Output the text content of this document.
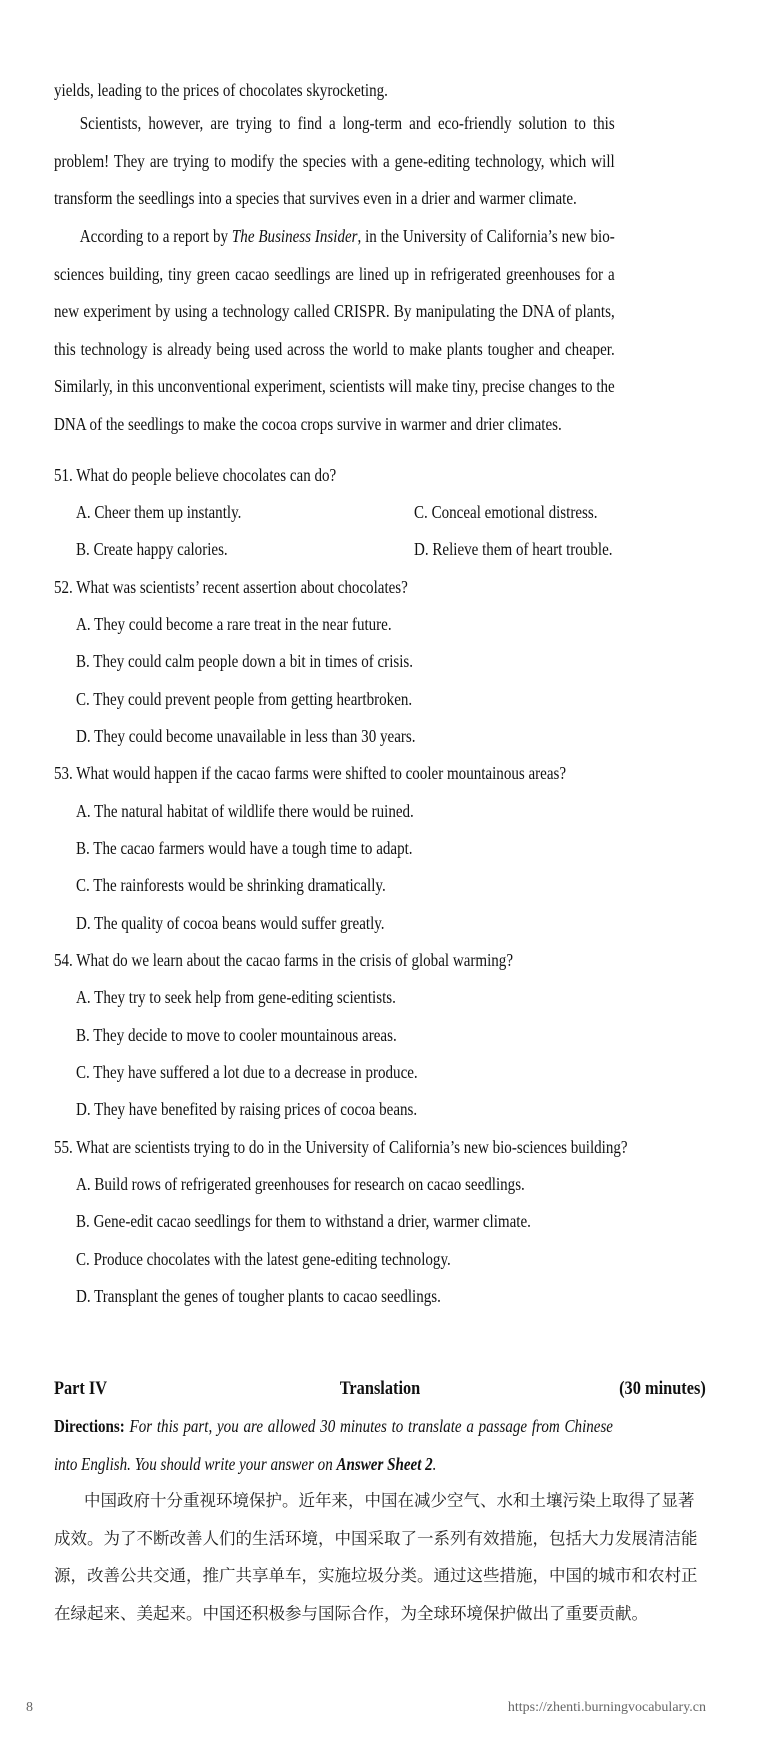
yields, leading to the prices of chocolates skyrocketing.

Scientists, however, are trying to find a long-term and eco-friendly solution to this problem! They are trying to modify the species with a gene-editing technology, which will transform the seedlings into a species that survives even in a drier and warmer climate.

According to a report by The Business Insider, in the University of California’s new bio-sciences building, tiny green cacao seedlings are lined up in refrigerated greenhouses for a new experiment by using a technology called CRISPR. By manipulating the DNA of plants, this technology is already being used across the world to make plants tougher and cheaper. Similarly, in this unconventional experiment, scientists will make tiny, precise changes to the DNA of the seedlings to make the cocoa crops survive in warmer and drier climates.

51. What do people believe chocolates can do?
A. Cheer them up instantly.	C. Conceal emotional distress.
B. Create happy calories.	D. Relieve them of heart trouble.
52. What was scientists’ recent assertion about chocolates?
A. They could become a rare treat in the near future.
B. They could calm people down a bit in times of crisis.
C. They could prevent people from getting heartbroken.
D. They could become unavailable in less than 30 years.
53. What would happen if the cacao farms were shifted to cooler mountainous areas?
A. The natural habitat of wildlife there would be ruined.
B. The cacao farmers would have a tough time to adapt.
C. The rainforests would be shrinking dramatically.
D. The quality of cocoa beans would suffer greatly.
54. What do we learn about the cacao farms in the crisis of global warming?
A. They try to seek help from gene-editing scientists.
B. They decide to move to cooler mountainous areas.
C. They have suffered a lot due to a decrease in produce.
D. They have benefited by raising prices of cocoa beans.
55. What are scientists trying to do in the University of California’s new bio-sciences building?
A. Build rows of refrigerated greenhouses for research on cacao seedlings.
B. Gene-edit cacao seedlings for them to withstand a drier, warmer climate.
C. Produce chocolates with the latest gene-editing technology.
D. Transplant the genes of tougher plants to cacao seedlings.
Part IV	Translation	(30 minutes)

Directions: For this part, you are allowed 30 minutes to translate a passage from Chinese into English. You should write your answer on Answer Sheet 2.

中国政府十分重视环境保护。近年来，中国在减少空气、水和土壤污染上取得了显著成效。为了不断改善人们的生活环境，中国采取了一系列有效措施，包括大力发展清洁能源，改善公共交通，推广共享单车，实施垃圾分类。通过这些措施，中国的城市和农村正在绿起来、美起来。中国还积极参与国际合作，为全球环境保护做出了重要贡献。

8	https://zhenti.burningvocabulary.cn
